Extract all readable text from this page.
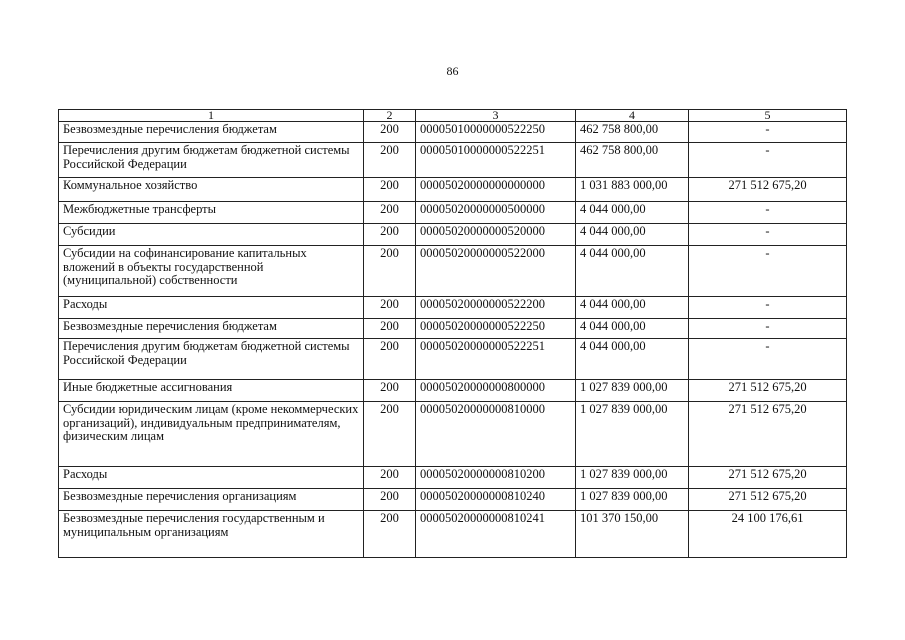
86
1	2	3	4	5
Безвозмездные перечисления бюджетам	200	00005010000000522250	462 758 800,00	-
Перечисления другим бюджетам бюджетной системы Российской Федерации	200	00005010000000522251	462 758 800,00	-
Коммунальное хозяйство	200	00005020000000000000	1 031 883 000,00	271 512 675,20
Межбюджетные трансферты	200	00005020000000500000	4 044 000,00	-
Субсидии	200	00005020000000520000	4 044 000,00	-
Субсидии на софинансирование капитальных вложений в объекты государственной (муниципальной) собственности	200	00005020000000522000	4 044 000,00	-
Расходы	200	00005020000000522200	4 044 000,00	-
Безвозмездные перечисления бюджетам	200	00005020000000522250	4 044 000,00	-
Перечисления другим бюджетам бюджетной системы Российской Федерации	200	00005020000000522251	4 044 000,00	-
Иные бюджетные ассигнования	200	00005020000000800000	1 027 839 000,00	271 512 675,20
Субсидии юридическим лицам (кроме некоммерческих организаций), индивидуальным предпринимателям, физическим лицам	200	00005020000000810000	1 027 839 000,00	271 512 675,20
Расходы	200	00005020000000810200	1 027 839 000,00	271 512 675,20
Безвозмездные перечисления организациям	200	00005020000000810240	1 027 839 000,00	271 512 675,20
Безвозмездные перечисления государственным и муниципальным организациям	200	00005020000000810241	101 370 150,00	24 100 176,61
